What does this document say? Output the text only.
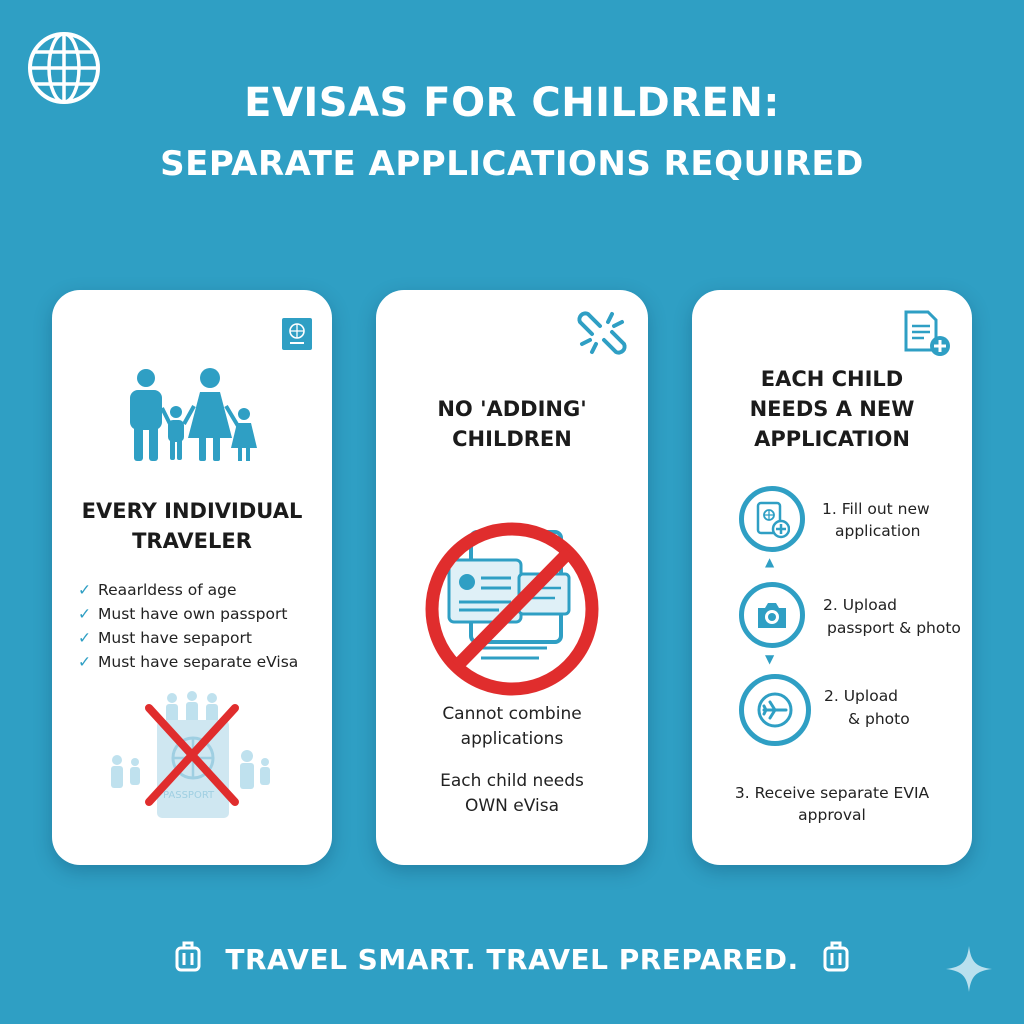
EVISAS FOR CHILDREN:
SEPARATE APPLICATIONS REQUIRED
EVERY INDIVIDUAL TRAVELER
✓ Reaarldess of age
✓ Must have own passport
✓ Must have sepaport
✓ Must have separate eVisa
PASSPORT
NO 'ADDING' CHILDREN
Cannot combine
applications
Each child needs
OWN eVisa
EACH CHILD NEEDS A NEW APPLICATION
1. Fill out new
application
▲
2. Upload
passport & photo
▼
2. Upload
& photo
3. Receive separate EVIA
approval
TRAVEL SMART. TRAVEL PREPARED.
